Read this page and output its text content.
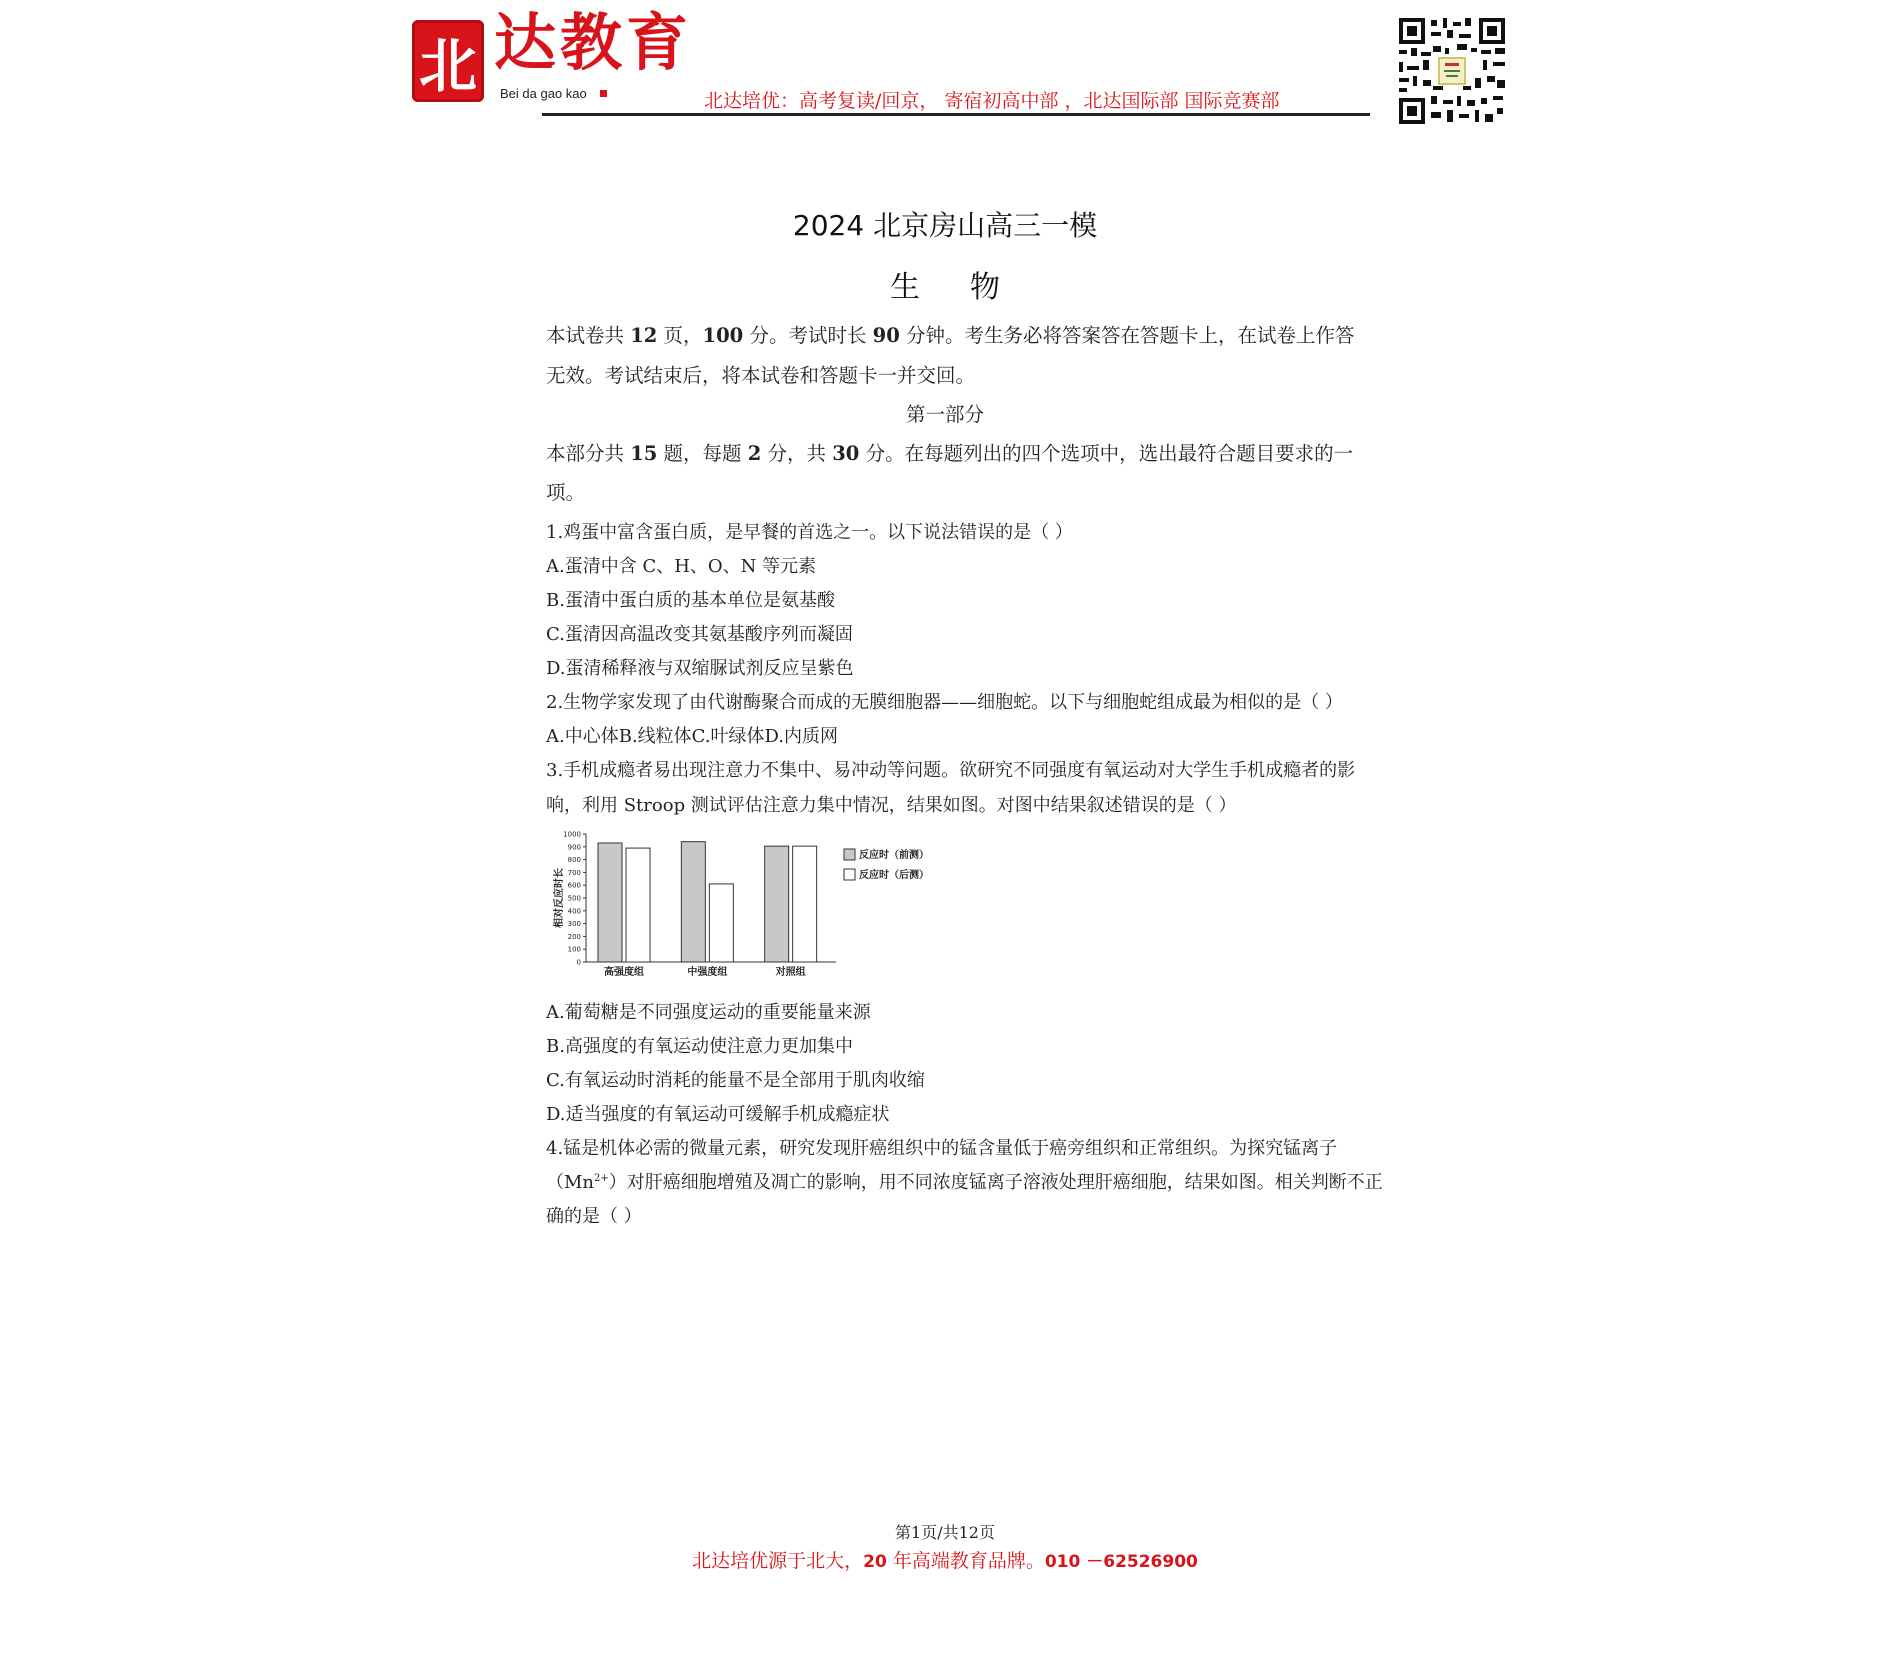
北 达教育
Bei da gao kao	北达培优：高考复读/回京， 寄宿初高中部 ，北达国际部 国际竞赛部
2024 北京房山高三一模
生物
本试卷共 12 页，100 分。考试时长 90 分钟。考生务必将答案答在答题卡上，在试卷上作答
无效。考试结束后，将本试卷和答题卡一并交回。
第一部分
本部分共 15 题，每题 2 分，共 30 分。在每题列出的四个选项中，选出最符合题目要求的一
项。
1.鸡蛋中富含蛋白质，是早餐的首选之一。以下说法错误的是（ ）
A.蛋清中含 C、H、O、N 等元素
B.蛋清中蛋白质的基本单位是氨基酸
C.蛋清因高温改变其氨基酸序列而凝固
D.蛋清稀释液与双缩脲试剂反应呈紫色
2.生物学家发现了由代谢酶聚合而成的无膜细胞器——细胞蛇。以下与细胞蛇组成最为相似的是（ ）
A.中心体B.线粒体C.叶绿体D.内质网
3.手机成瘾者易出现注意力不集中、易冲动等问题。欲研究不同强度有氧运动对大学生手机成瘾者的影
响，利用 Stroop 测试评估注意力集中情况，结果如图。对图中结果叙述错误的是（ ）
0
100
200
300
400
500
600
700
800
900
1000
相对反应时长
高强度组	中强度组	对照组
反应时（前测）
反应时（后测）
A.葡萄糖是不同强度运动的重要能量来源
B.高强度的有氧运动使注意力更加集中
C.有氧运动时消耗的能量不是全部用于肌肉收缩
D.适当强度的有氧运动可缓解手机成瘾症状
4.锰是机体必需的微量元素，研究发现肝癌组织中的锰含量低于癌旁组织和正常组织。为探究锰离子
$(Mn^{2+})$对肝癌细胞增殖及凋亡的影响，用不同浓度锰离子溶液处理肝癌细胞，结果如图。相关判断不正
确的是（ ）
第1页/共12页
北达培优源于北大，20 年高端教育品牌。010 －62526900
